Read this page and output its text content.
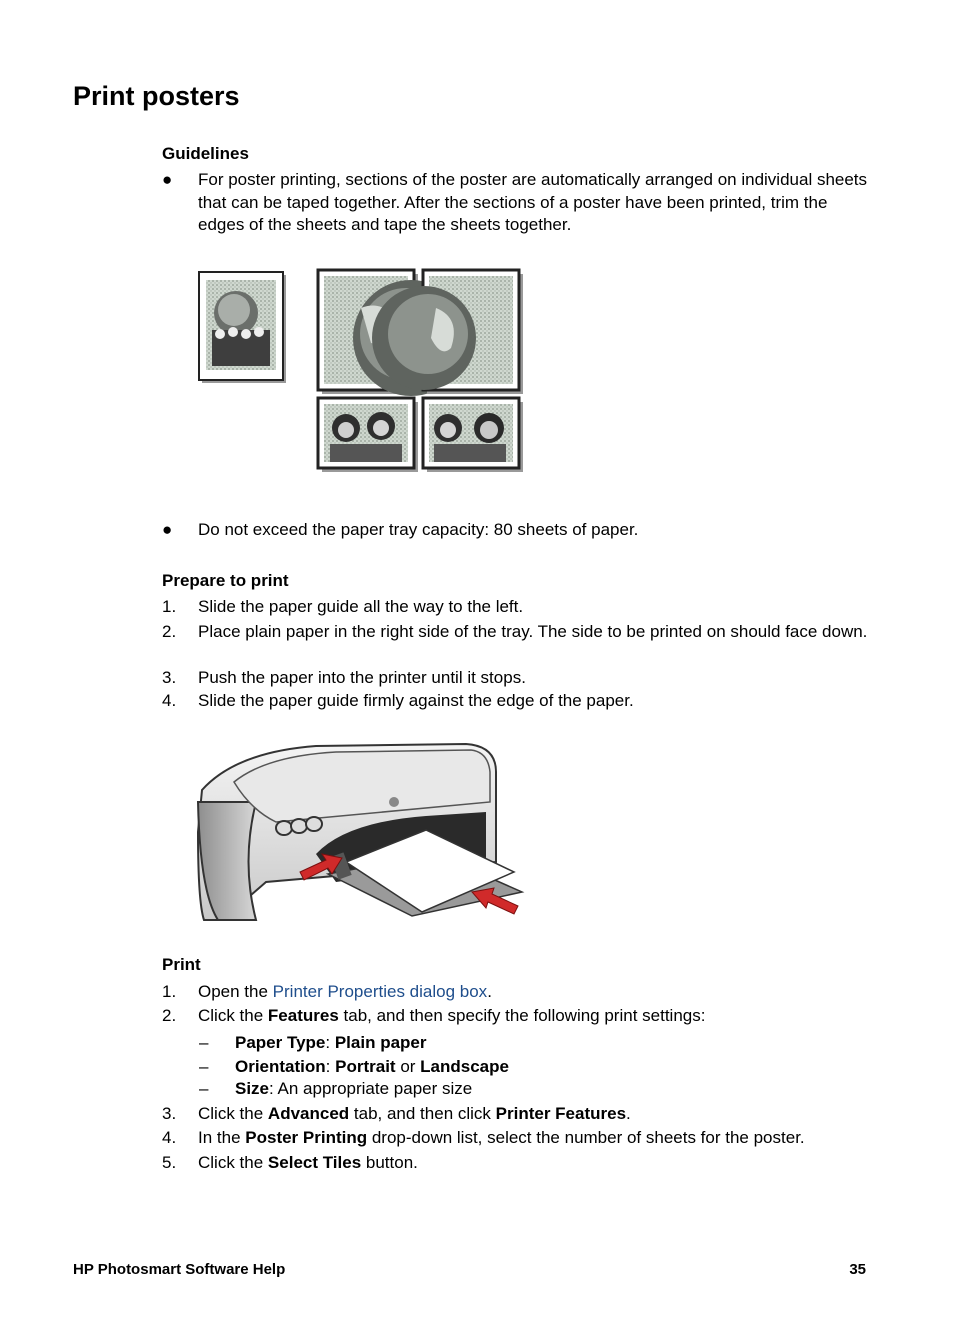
Print posters
Guidelines
● For poster printing, sections of the poster are automatically arranged on individual sheets that can be taped together. After the sections of a poster have been printed, trim the edges of the sheets and tape the sheets together.
● Do not exceed the paper tray capacity: 80 sheets of paper.
Prepare to print
1. Slide the paper guide all the way to the left.
2. Place plain paper in the right side of the tray. The side to be printed on should face down.
3. Push the paper into the printer until it stops.
4. Slide the paper guide firmly against the edge of the paper.
Print
1. Open the Printer Properties dialog box.
2. Click the Features tab, and then specify the following print settings:
– Paper Type: Plain paper
– Orientation: Portrait or Landscape
– Size: An appropriate paper size
3. Click the Advanced tab, and then click Printer Features.
4. In the Poster Printing drop-down list, select the number of sheets for the poster.
5. Click the Select Tiles button.
HP Photosmart Software Help	35
